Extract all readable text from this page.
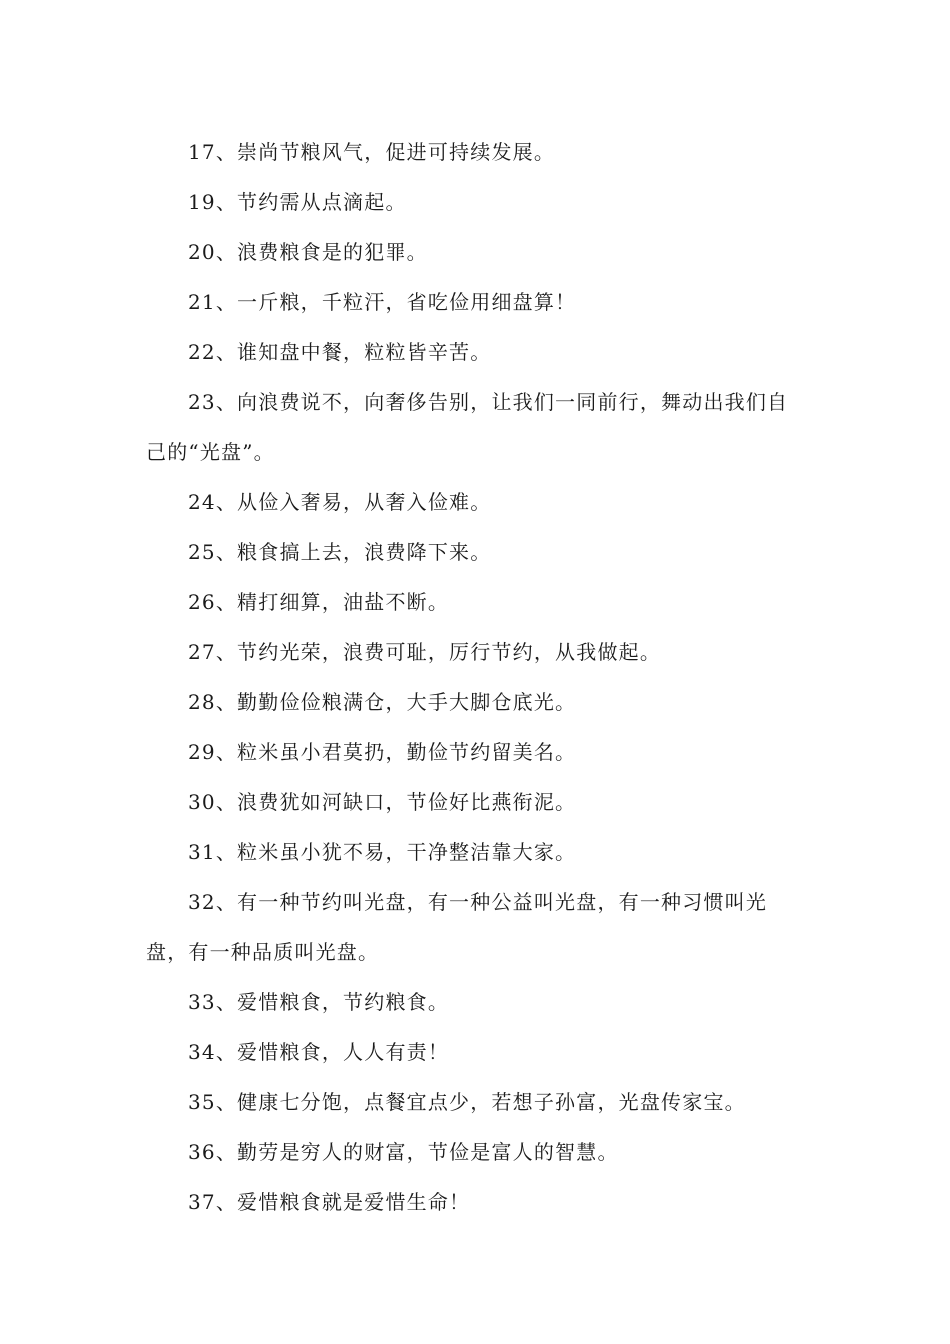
17、崇尚节粮风气，促进可持续发展。

19、节约需从点滴起。

20、浪费粮食是的犯罪。

21、一斤粮，千粒汗，省吃俭用细盘算！

22、谁知盘中餐，粒粒皆辛苦。

23、向浪费说不，向奢侈告别，让我们一同前行，舞动出我们自己的“光盘”。

24、从俭入奢易，从奢入俭难。

25、粮食搞上去，浪费降下来。

26、精打细算，油盐不断。

27、节约光荣，浪费可耻，厉行节约，从我做起。

28、勤勤俭俭粮满仓，大手大脚仓底光。

29、粒米虽小君莫扔，勤俭节约留美名。

30、浪费犹如河缺口，节俭好比燕衔泥。

31、粒米虽小犹不易，干净整洁靠大家。

32、有一种节约叫光盘，有一种公益叫光盘，有一种习惯叫光盘，有一种品质叫光盘。

33、爱惜粮食，节约粮食。

34、爱惜粮食，人人有责！

35、健康七分饱，点餐宜点少，若想子孙富，光盘传家宝。

36、勤劳是穷人的财富，节俭是富人的智慧。

37、爱惜粮食就是爱惜生命！
